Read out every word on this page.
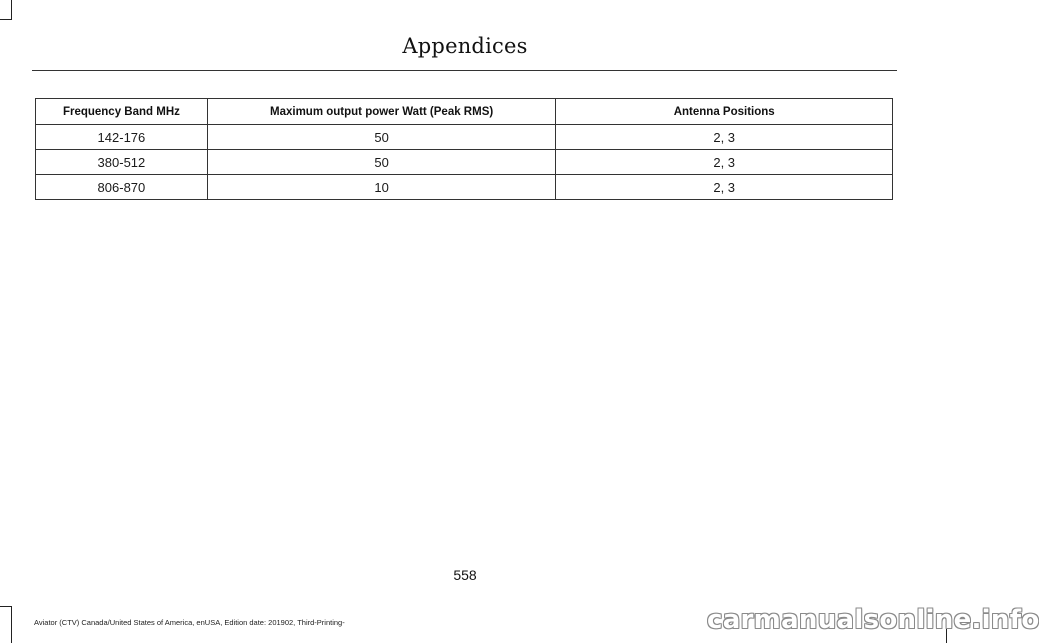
Appendices
Frequency Band MHz	Maximum output power Watt (Peak RMS)	Antenna Positions
142-176	50	2, 3
380-512	50	2, 3
806-870	10	2, 3
558
Aviator (CTV) Canada/United States of America, enUSA, Edition date: 201902, Third-Printing-	carmanualsonline.info
